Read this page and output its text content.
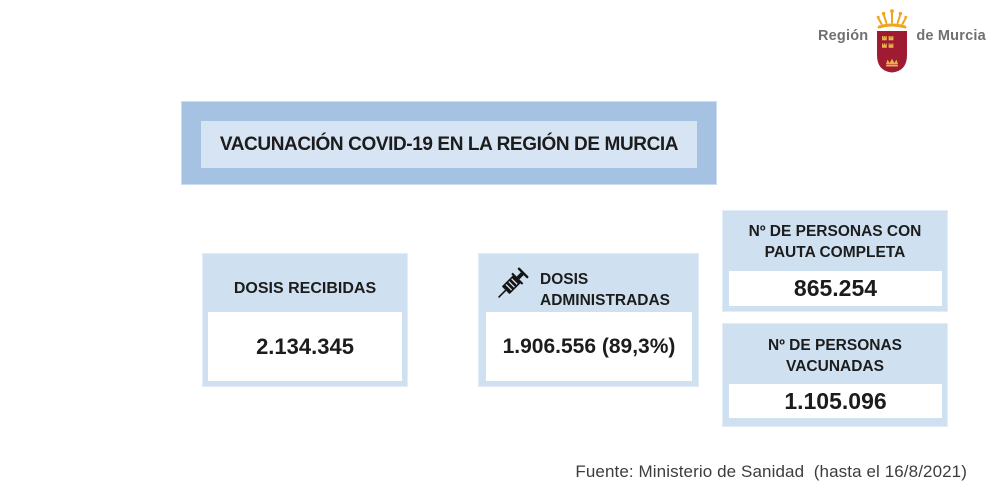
Región	de Murcia
VACUNACIÓN COVID-19 EN LA REGIÓN DE MURCIA
DOSIS RECIBIDAS
2.134.345
DOSIS ADMINISTRADAS
1.906.556 (89,3%)
Nº DE PERSONAS CON PAUTA COMPLETA
865.254
Nº DE PERSONAS VACUNADAS
1.105.096
Fuente: Ministerio de Sanidad  (hasta el 16/8/2021)
